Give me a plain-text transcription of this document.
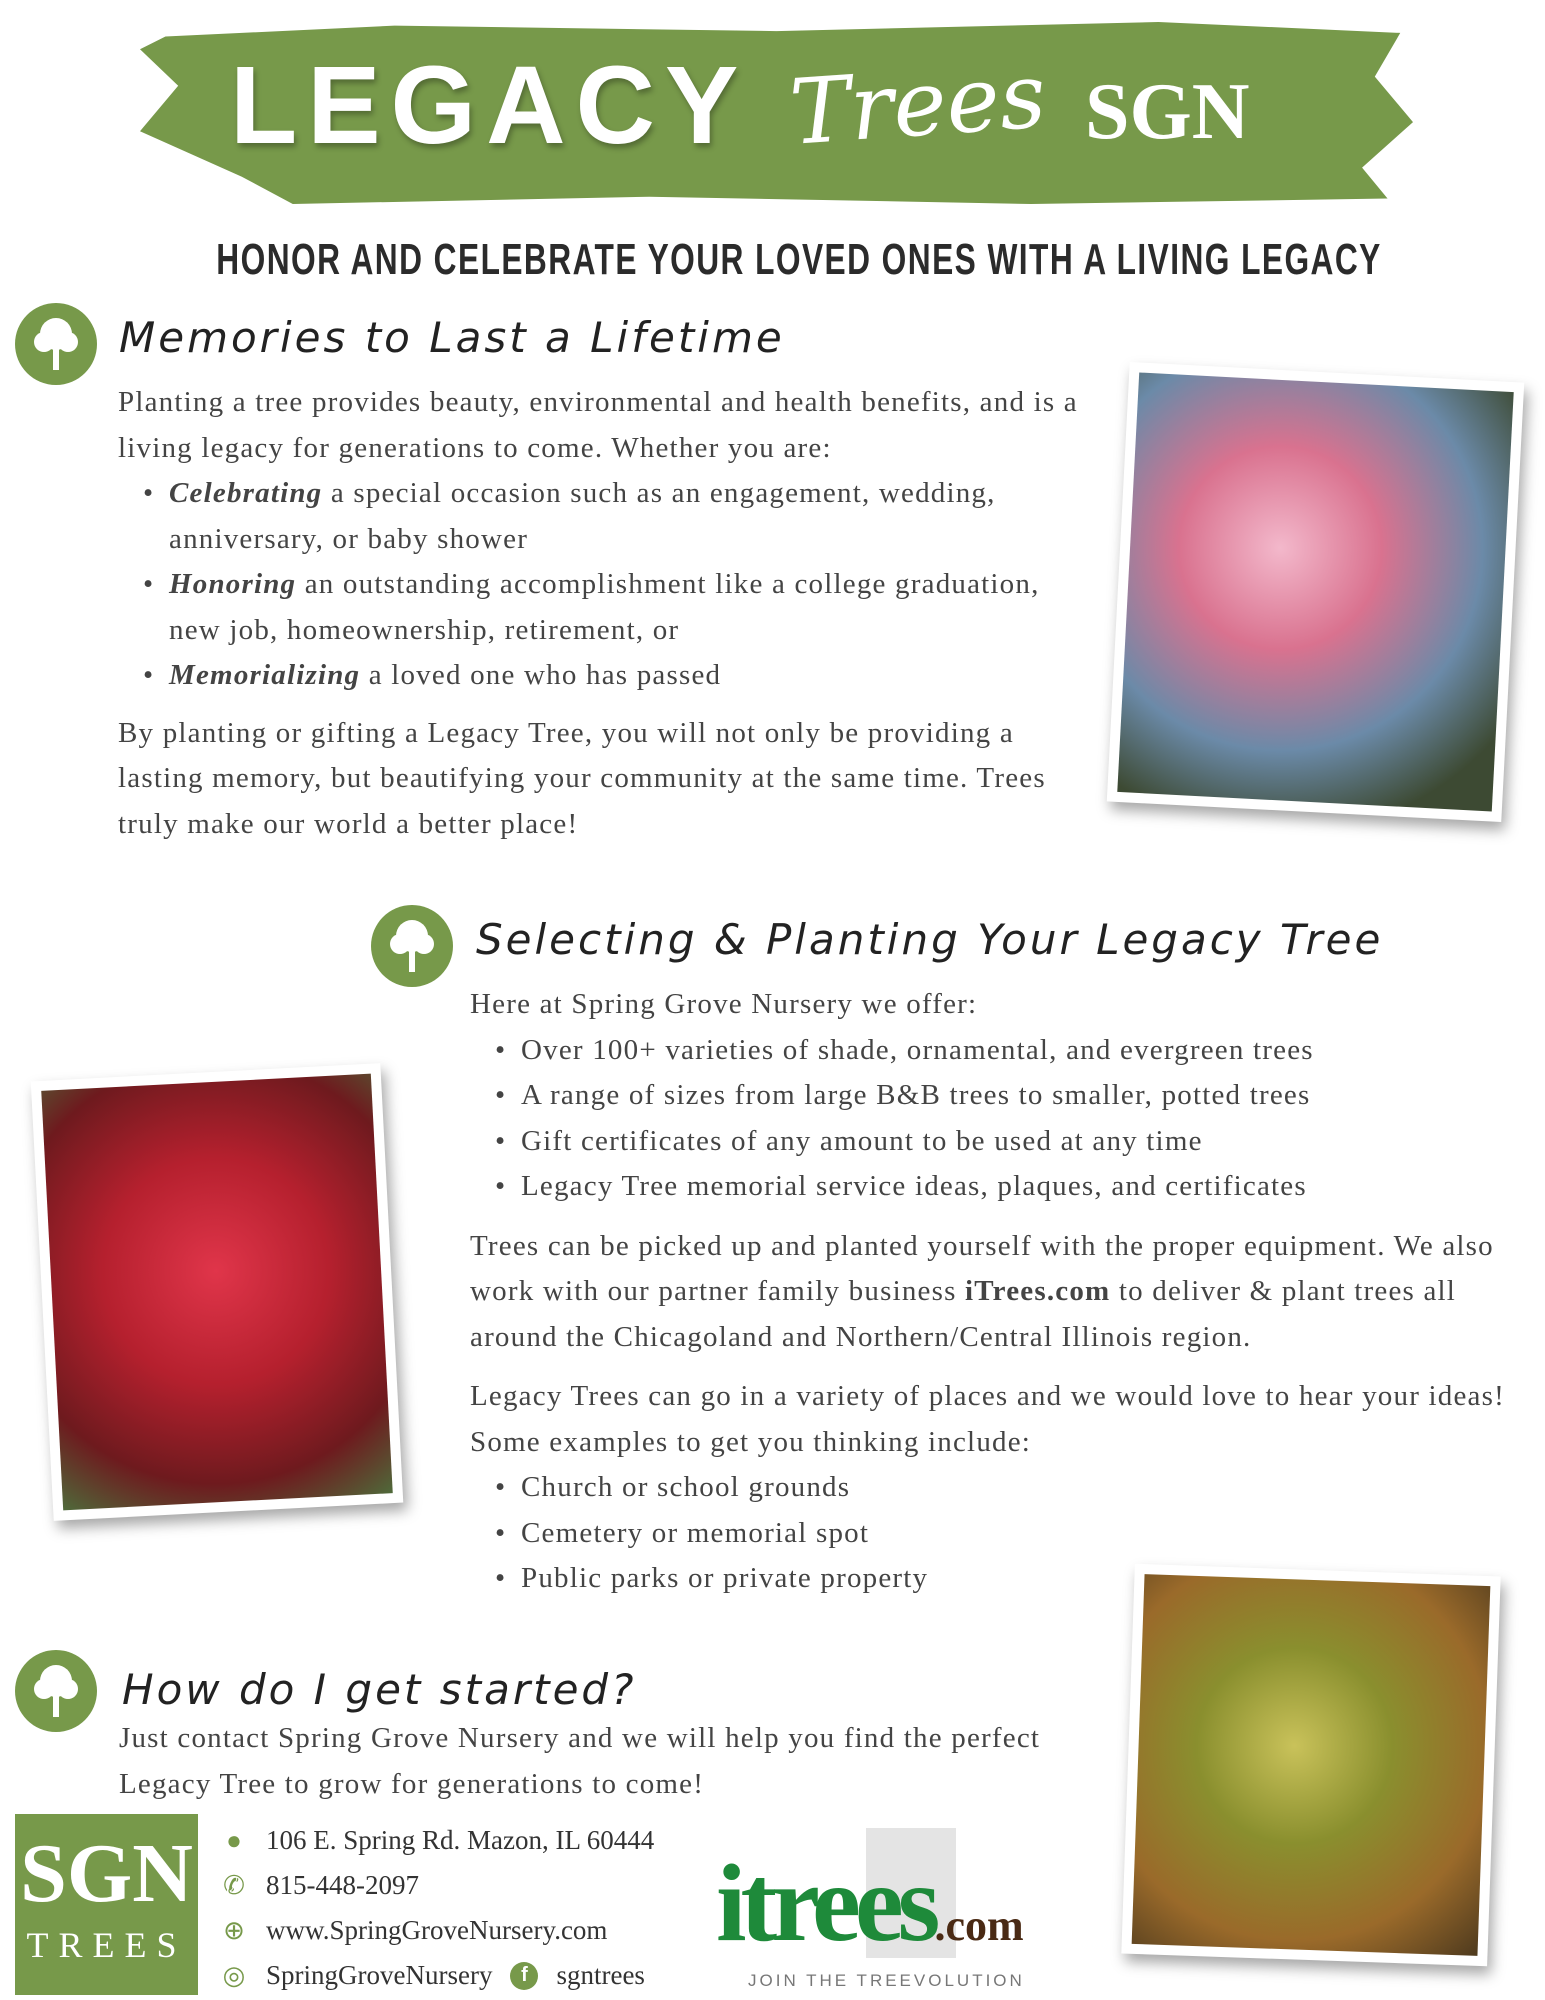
LEGACY Trees SGN
HONOR AND CELEBRATE YOUR LOVED ONES WITH A LIVING LEGACY
Memories to Last a Lifetime

Planting a tree provides beauty, environmental and health benefits, and is a living legacy for generations to come. Whether you are:

• Celebrating a special occasion such as an engagement, wedding, anniversary, or baby shower
• Honoring an outstanding accomplishment like a college graduation, new job, homeownership, retirement, or
• Memorializing a loved one who has passed

By planting or gifting a Legacy Tree, you will not only be providing a lasting memory, but beautifying your community at the same time. Trees truly make our world a better place!

Selecting & Planting Your Legacy Tree

Here at Spring Grove Nursery we offer:

• Over 100+ varieties of shade, ornamental, and evergreen trees
• A range of sizes from large B&B trees to smaller, potted trees
• Gift certificates of any amount to be used at any time
• Legacy Tree memorial service ideas, plaques, and certificates

Trees can be picked up and planted yourself with the proper equipment. We also work with our partner family business iTrees.com to deliver & plant trees all around the Chicagoland and Northern/Central Illinois region.

Legacy Trees can go in a variety of places and we would love to hear your ideas! Some examples to get you thinking include:

• Church or school grounds
• Cemetery or memorial spot
• Public parks or private property
How do I get started?
Just contact Spring Grove Nursery and we will help you find the perfect Legacy Tree to grow for generations to come!
SGN
TREES
● 106 E. Spring Rd. Mazon, IL 60444
✆ 815-448-2097
⊕ www.SpringGroveNursery.com
◎ SpringGroveNursery	f	sgntrees
itrees.com
JOIN THE TREEVOLUTION
